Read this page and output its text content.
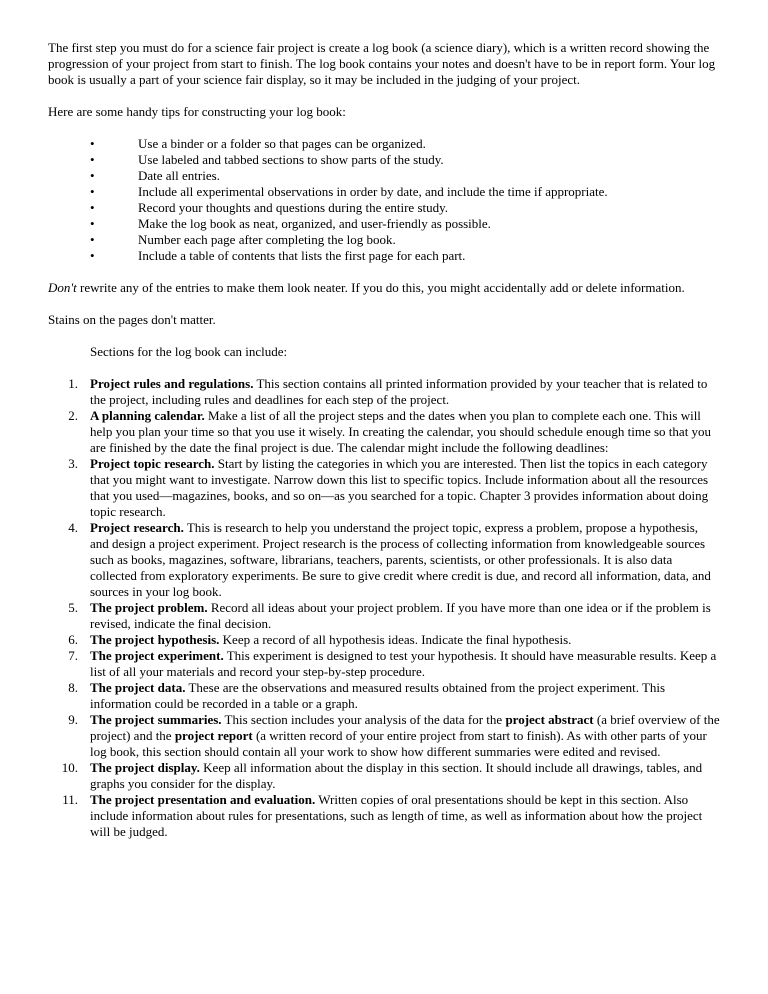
The first step you must do for a science fair project is create a log book (a science diary), which is a written record showing the progression of your project from start to finish. The log book contains your notes and doesn't have to be in report form. Your log book is usually a part of your science fair display, so it may be included in the judging of your project.

Here are some handy tips for constructing your log book:

•	Use a binder or a folder so that pages can be organized.
•	Use labeled and tabbed sections to show parts of the study.
•	Date all entries.
•	Include all experimental observations in order by date, and include the time if appropriate.
•	Record your thoughts and questions during the entire study.
•	Make the log book as neat, organized, and user-friendly as possible.
•	Number each page after completing the log book.
•	Include a table of contents that lists the first page for each part.

Don't rewrite any of the entries to make them look neater. If you do this, you might accidentally add or delete information.

Stains on the pages don't matter.

Sections for the log book can include:

1. Project rules and regulations. This section contains all printed information provided by your teacher that is related to the project, including rules and deadlines for each step of the project.
2. A planning calendar. Make a list of all the project steps and the dates when you plan to complete each one. This will help you plan your time so that you use it wisely. In creating the calendar, you should schedule enough time so that you are finished by the date the final project is due. The calendar might include the following deadlines:
3. Project topic research. Start by listing the categories in which you are interested. Then list the topics in each category that you might want to investigate. Narrow down this list to specific topics. Include information about all the resources that you used—magazines, books, and so on—as you searched for a topic. Chapter 3 provides information about doing topic research.
4. Project research. This is research to help you understand the project topic, express a problem, propose a hypothesis, and design a project experiment. Project research is the process of collecting information from knowledgeable sources such as books, magazines, software, librarians, teachers, parents, scientists, or other professionals. It is also data collected from exploratory experiments. Be sure to give credit where credit is due, and record all information, data, and sources in your log book.
5. The project problem. Record all ideas about your project problem. If you have more than one idea or if the problem is revised, indicate the final decision.
6. The project hypothesis. Keep a record of all hypothesis ideas. Indicate the final hypothesis.
7. The project experiment. This experiment is designed to test your hypothesis. It should have measurable results. Keep a list of all your materials and record your step-by-step procedure.
8. The project data. These are the observations and measured results obtained from the project experiment. This information could be recorded in a table or a graph.
9. The project summaries. This section includes your analysis of the data for the project abstract (a brief overview of the project) and the project report (a written record of your entire project from start to finish). As with other parts of your log book, this section should contain all your work to show how different summaries were edited and revised.
10. The project display. Keep all information about the display in this section. It should include all drawings, tables, and graphs you consider for the display.
11. The project presentation and evaluation. Written copies of oral presentations should be kept in this section. Also include information about rules for presentations, such as length of time, as well as information about how the project will be judged.
